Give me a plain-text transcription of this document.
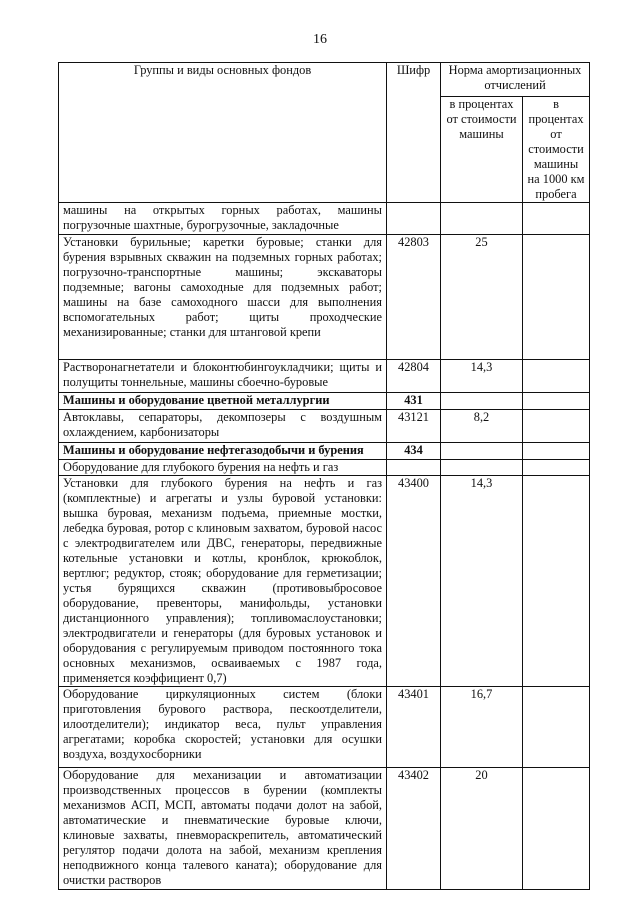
16
Группы и виды основных фондов	Шифр	Норма амортизационных отчислений	
		в процентах от стоимости машины	в процентах от стоимости машины на 1000 км пробега
машины на открытых горных работах, машины погрузочные шахтные, бурогрузочные, закладочные			
Установки бурильные; каретки буровые; станки для бурения взрывных скважин на подземных горных работах; погрузочно-транспортные машины; экскаваторы подземные; вагоны самоходные для подземных работ; машины на базе самоходного шасси для выполнения вспомогательных работ; щиты проходческие механизированные; станки для штанговой крепи	42803	25	
Растворонагнетатели и блоконтюбингоукладчики; щиты и полущиты тоннельные, машины сбоечно-буровые	42804	14,3	
Машины и оборудование цветной металлургии	431		
Автоклавы, сепараторы, декомпозеры с воздушным охлаждением, карбонизаторы	43121	8,2	
Машины и оборудование нефтегазодобычи и бурения	434		
Оборудование для глубокого бурения на нефть и газ			
Установки для глубокого бурения на нефть и газ (комплектные) и агрегаты и узлы буровой установки: вышка буровая, механизм подъема, приемные мостки, лебедка буровая, ротор с клиновым захватом, буровой насос с электродвигателем или ДВС, генераторы, передвижные котельные установки и котлы, кронблок, крюкоблок, вертлюг; редуктор, стояк; оборудование для герметизации; устья бурящихся скважин (противовыбросовое оборудование, превенторы, манифольды, установки дистанционного управления); топливомаслоустановки; электродвигатели и генераторы (для буровых установок и оборудования с регулируемым приводом постоянного тока основных механизмов, осваиваемых с 1987 года, применяется коэффициент 0,7)	43400	14,3	
Оборудование циркуляционных систем (блоки приготовления бурового раствора, пескоотделители, илоотделители); индикатор веса, пульт управления агрегатами; коробка скоростей; установки для осушки воздуха, воздухосборники	43401	16,7	
Оборудование для механизации и автоматизации производственных процессов в бурении (комплекты механизмов АСП, МСП, автоматы подачи долот на забой, автоматические и пневматические буровые ключи, клиновые захваты, пневмораскрепитель, автоматический регулятор подачи долота на забой, механизм крепления неподвижного конца талевого каната); оборудование для очистки растворов	43402	20	
